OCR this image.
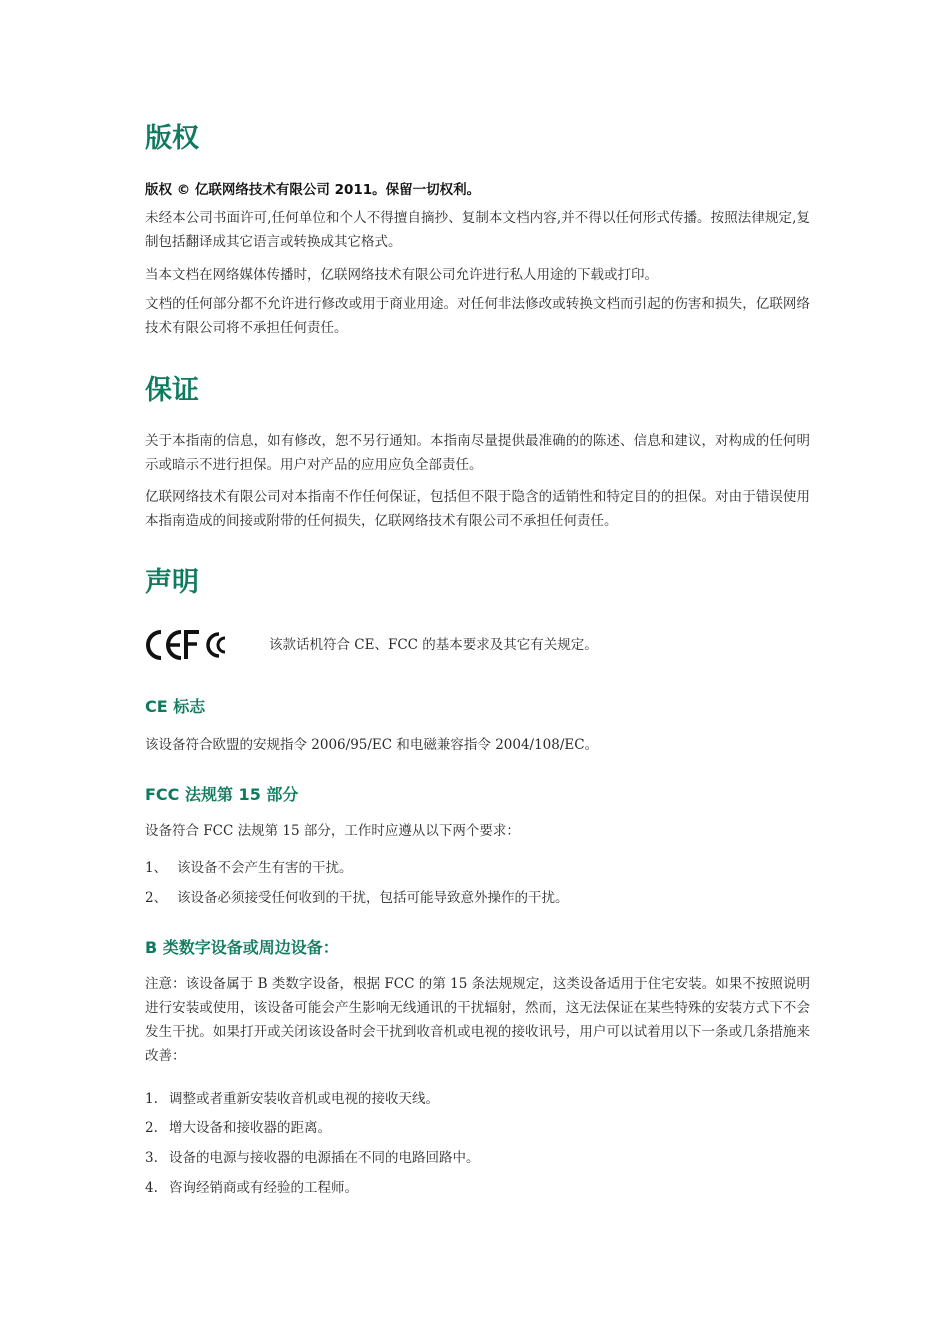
版权
版权 © 亿联网络技术有限公司 2011。保留一切权利。

未经本公司书面许可,任何单位和个人不得擅自摘抄、复制本文档内容,并不得以任何形式传播。按照法律规定,复制包括翻译成其它语言或转换成其它格式。

当本文档在网络媒体传播时，亿联网络技术有限公司允许进行私人用途的下载或打印。

文档的任何部分都不允许进行修改或用于商业用途。对任何非法修改或转换文档而引起的伤害和损失，亿联网络技术有限公司将不承担任何责任。

保证

关于本指南的信息，如有修改，恕不另行通知。本指南尽量提供最准确的的陈述、信息和建议，对构成的任何明示或暗示不进行担保。用户对产品的应用应负全部责任。

亿联网络技术有限公司对本指南不作任何保证，包括但不限于隐含的适销性和特定目的的担保。对由于错误使用本指南造成的间接或附带的任何损失，亿联网络技术有限公司不承担任何责任。

声明
该款话机符合 CE、FCC 的基本要求及其它有关规定。
CE 标志
该设备符合欧盟的安规指令 2006/95/EC 和电磁兼容指令 2004/108/EC。
FCC 法规第 15 部分
设备符合 FCC 法规第 15 部分，工作时应遵从以下两个要求：
1、 该设备不会产生有害的干扰。
2、 该设备必须接受任何收到的干扰，包括可能导致意外操作的干扰。
B 类数字设备或周边设备：

注意：该设备属于 B 类数字设备，根据 FCC 的第 15 条法规规定，这类设备适用于住宅安装。如果不按照说明进行安装或使用，该设备可能会产生影响无线通讯的干扰辐射，然而，这无法保证在某些特殊的安装方式下不会发生干扰。如果打开或关闭该设备时会干扰到收音机或电视的接收讯号，用户可以试着用以下一条或几条措施来改善：

1. 调整或者重新安装收音机或电视的接收天线。
2. 增大设备和接收器的距离。
3. 设备的电源与接收器的电源插在不同的电路回路中。
4. 咨询经销商或有经验的工程师。
